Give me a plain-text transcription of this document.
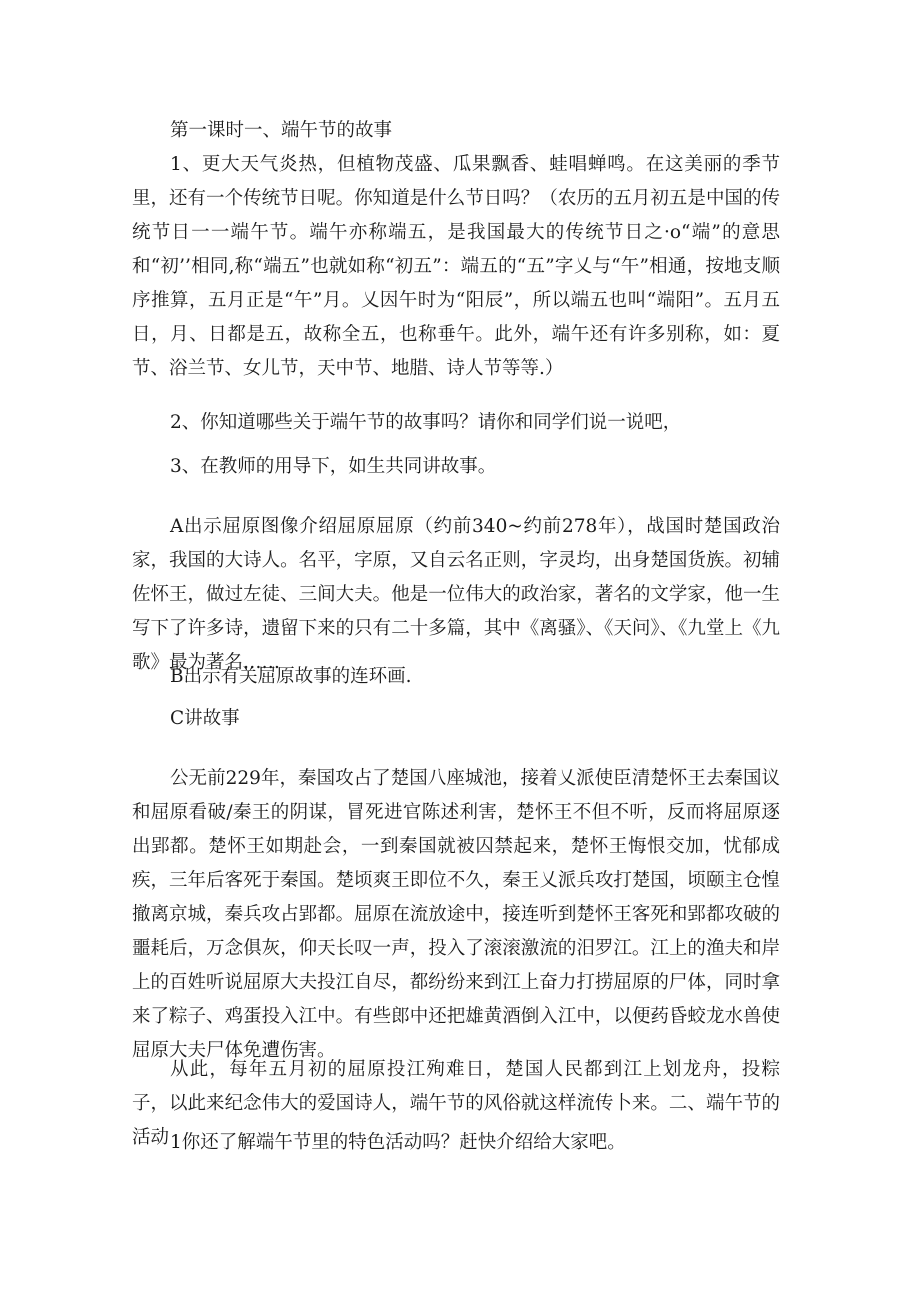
第一课时一、端午节的故事

1、更大天气炎热，但植物茂盛、瓜果飘香、蛙唱蝉鸣。在这美丽的季节里，还有一个传统节日呢。你知道是什么节日吗？（农历的五月初五是中国的传统节日一一端午节。端午亦称端五，是我国最大的传统节日之·o“端”的意思和“初’’相同,称“端五”也就如称“初五”：端五的“五”字乂与“午”相通，按地支顺序推算，五月正是“午”月。乂因午时为“阳辰”，所以端五也叫“端阳”。五月五日，月、日都是五，故称全五，也称垂午。此外，端午还有许多别称，如：夏节、浴兰节、女儿节，天中节、地腊、诗人节等等.）

2、你知道哪些关于端午节的故事吗？请你和同学们说一说吧，

3、在教师的用导下，如生共同讲故事。

A出示屈原图像介绍屈原屈原（约前340~约前278年），战国时楚国政治家，我国的大诗人。名平，字原，又自云名正则，字灵均，出身楚国货族。初辅佐怀王，做过左徒、三间大夫。他是一位伟大的政治家，著名的文学家，他一生写下了许多诗，遗留下来的只有二十多篇，其中《离骚》、《天问》、《九堂上《九歌》最为著名……

B出示有关屈原故事的连环画.

C讲故事

公无前229年，秦国攻占了楚国八座城池，接着乂派使臣清楚怀王去秦国议和屈原看破/秦王的阴谋，冒死进官陈述利害，楚怀王不但不听，反而将屈原逐出郢都。楚怀王如期赴会，一到秦国就被囚禁起来，楚怀王悔恨交加，忧郁成疾，三年后客死于秦国。楚顷爽王即位不久，秦王乂派兵攻打楚国，顷颐主仓惶撤离京城，秦兵攻占郢都。屈原在流放途中，接连听到楚怀王客死和郢都攻破的噩耗后，万念俱灰，仰天长叹一声，投入了滚滚激流的汨罗江。江上的渔夫和岸上的百姓听说屈原大夫投江自尽，都纷纷来到江上奋力打捞屈原的尸体，同时拿来了粽子、鸡蛋投入江中。有些郎中还把雄黄酒倒入江中，以便药昏蛟龙水兽使屈原大夫尸体免遭伤害。

从此，每年五月初的屈原投江殉难日，楚国人民都到江上划龙舟，投粽子，以此来纪念伟大的爱国诗人，端午节的风俗就这样流传卜来。二、端午节的活动 1你还了解端午节里的特色活动吗？赶快介绍给大家吧。
